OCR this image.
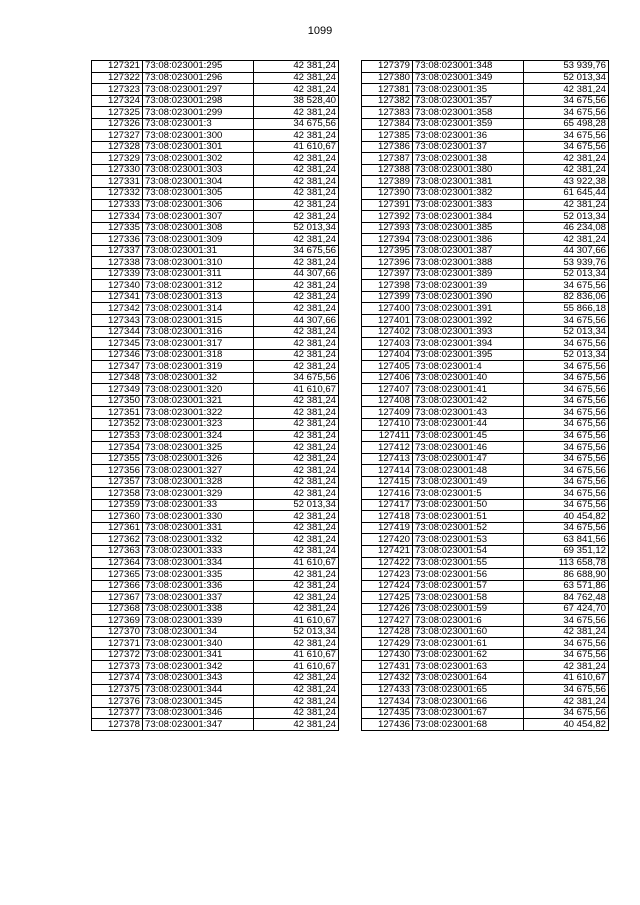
1099
127321	73:08:023001:295	42 381,24
127322	73:08:023001:296	42 381,24
127323	73:08:023001:297	42 381,24
127324	73:08:023001:298	38 528,40
127325	73:08:023001:299	42 381,24
127326	73:08:023001:3	34 675,56
127327	73:08:023001:300	42 381,24
127328	73:08:023001:301	41 610,67
127329	73:08:023001:302	42 381,24
127330	73:08:023001:303	42 381,24
127331	73:08:023001:304	42 381,24
127332	73:08:023001:305	42 381,24
127333	73:08:023001:306	42 381,24
127334	73:08:023001:307	42 381,24
127335	73:08:023001:308	52 013,34
127336	73:08:023001:309	42 381,24
127337	73:08:023001:31	34 675,56
127338	73:08:023001:310	42 381,24
127339	73:08:023001:311	44 307,66
127340	73:08:023001:312	42 381,24
127341	73:08:023001:313	42 381,24
127342	73:08:023001:314	42 381,24
127343	73:08:023001:315	44 307,66
127344	73:08:023001:316	42 381,24
127345	73:08:023001:317	42 381,24
127346	73:08:023001:318	42 381,24
127347	73:08:023001:319	42 381,24
127348	73:08:023001:32	34 675,56
127349	73:08:023001:320	41 610,67
127350	73:08:023001:321	42 381,24
127351	73:08:023001:322	42 381,24
127352	73:08:023001:323	42 381,24
127353	73:08:023001:324	42 381,24
127354	73:08:023001:325	42 381,24
127355	73:08:023001:326	42 381,24
127356	73:08:023001:327	42 381,24
127357	73:08:023001:328	42 381,24
127358	73:08:023001:329	42 381,24
127359	73:08:023001:33	52 013,34
127360	73:08:023001:330	42 381,24
127361	73:08:023001:331	42 381,24
127362	73:08:023001:332	42 381,24
127363	73:08:023001:333	42 381,24
127364	73:08:023001:334	41 610,67
127365	73:08:023001:335	42 381,24
127366	73:08:023001:336	42 381,24
127367	73:08:023001:337	42 381,24
127368	73:08:023001:338	42 381,24
127369	73:08:023001:339	41 610,67
127370	73:08:023001:34	52 013,34
127371	73:08:023001:340	42 381,24
127372	73:08:023001:341	41 610,67
127373	73:08:023001:342	41 610,67
127374	73:08:023001:343	42 381,24
127375	73:08:023001:344	42 381,24
127376	73:08:023001:345	42 381,24
127377	73:08:023001:346	42 381,24
127378	73:08:023001:347	42 381,24
127379	73:08:023001:348	53 939,76
127380	73:08:023001:349	52 013,34
127381	73:08:023001:35	42 381,24
127382	73:08:023001:357	34 675,56
127383	73:08:023001:358	34 675,56
127384	73:08:023001:359	65 498,28
127385	73:08:023001:36	34 675,56
127386	73:08:023001:37	34 675,56
127387	73:08:023001:38	42 381,24
127388	73:08:023001:380	42 381,24
127389	73:08:023001:381	43 922,38
127390	73:08:023001:382	61 645,44
127391	73:08:023001:383	42 381,24
127392	73:08:023001:384	52 013,34
127393	73:08:023001:385	46 234,08
127394	73:08:023001:386	42 381,24
127395	73:08:023001:387	44 307,66
127396	73:08:023001:388	53 939,76
127397	73:08:023001:389	52 013,34
127398	73:08:023001:39	34 675,56
127399	73:08:023001:390	82 836,06
127400	73:08:023001:391	55 866,18
127401	73:08:023001:392	34 675,56
127402	73:08:023001:393	52 013,34
127403	73:08:023001:394	34 675,56
127404	73:08:023001:395	52 013,34
127405	73:08:023001:4	34 675,56
127406	73:08:023001:40	34 675,56
127407	73:08:023001:41	34 675,56
127408	73:08:023001:42	34 675,56
127409	73:08:023001:43	34 675,56
127410	73:08:023001:44	34 675,56
127411	73:08:023001:45	34 675,56
127412	73:08:023001:46	34 675,56
127413	73:08:023001:47	34 675,56
127414	73:08:023001:48	34 675,56
127415	73:08:023001:49	34 675,56
127416	73:08:023001:5	34 675,56
127417	73:08:023001:50	34 675,56
127418	73:08:023001:51	40 454,82
127419	73:08:023001:52	34 675,56
127420	73:08:023001:53	63 841,56
127421	73:08:023001:54	69 351,12
127422	73:08:023001:55	113 658,78
127423	73:08:023001:56	86 688,90
127424	73:08:023001:57	63 571,86
127425	73:08:023001:58	84 762,48
127426	73:08:023001:59	67 424,70
127427	73:08:023001:6	34 675,56
127428	73:08:023001:60	42 381,24
127429	73:08:023001:61	34 675,56
127430	73:08:023001:62	34 675,56
127431	73:08:023001:63	42 381,24
127432	73:08:023001:64	41 610,67
127433	73:08:023001:65	34 675,56
127434	73:08:023001:66	42 381,24
127435	73:08:023001:67	34 675,56
127436	73:08:023001:68	40 454,82
